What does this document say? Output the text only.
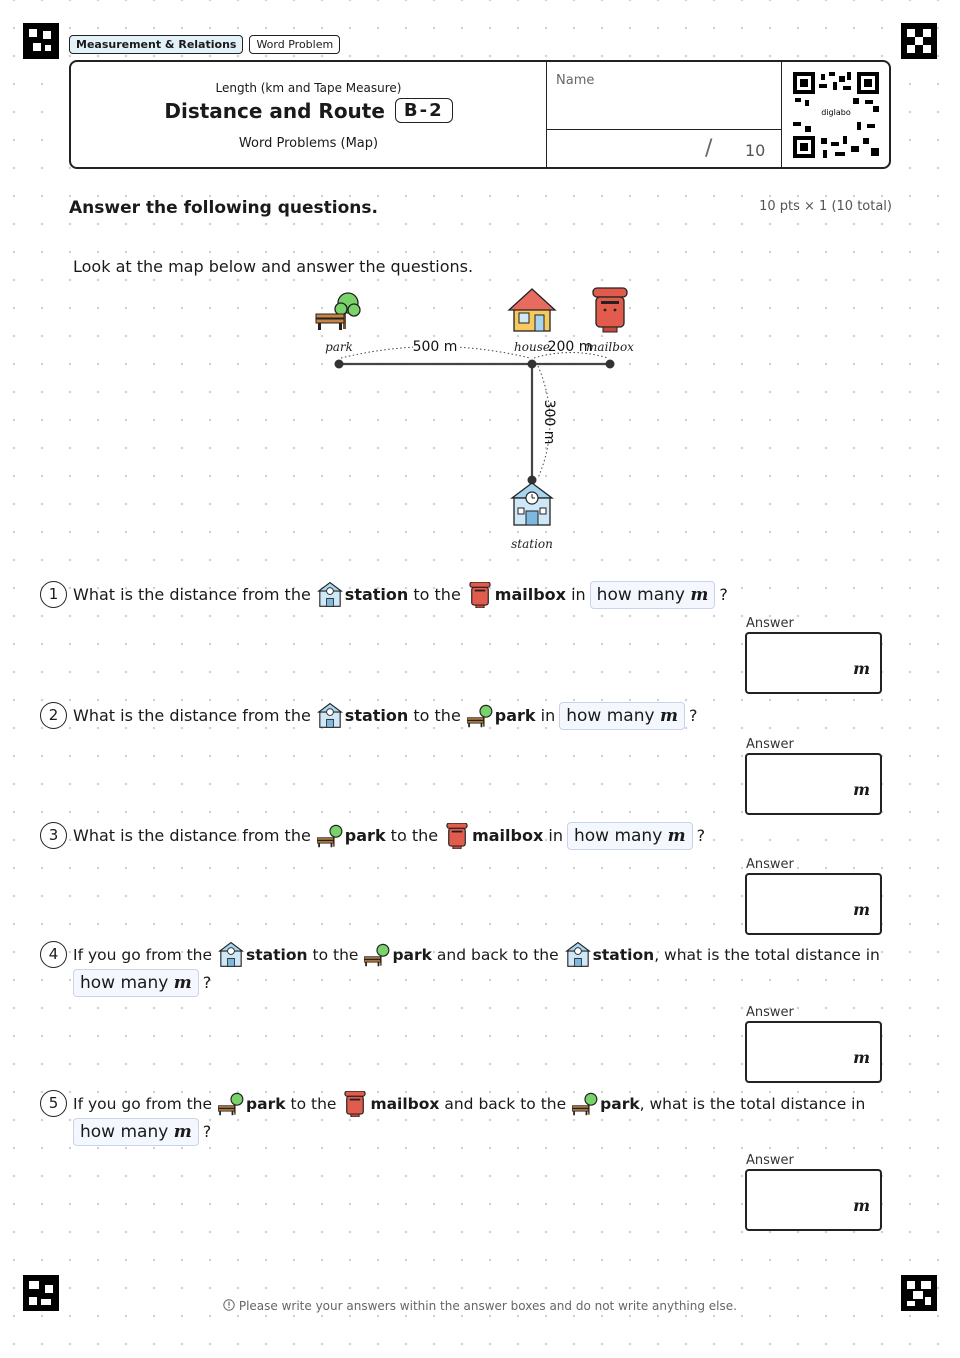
Measurement & Relations	Word Problem
Length (km and Tape Measure)
Distance and Route	B-2
Word Problems (Map)
Name
/ 10
diglabo
Answer the following questions.	10 pts × 1 (10 total)
Look at the map below and answer the questions.
500 m	200 m
300 m
park	house	mailbox
station
1 What is the distance from the station
to the mailbox
in how many m ?
Answer
m
2 What is the distance from the station
to the park
in how many m ?
Answer
m
3 What is the distance from the park
to the mailbox
in how many m ?
Answer
m
4 If you go from the station
to the park
and back to the station , what is the total distance in
how many m ?
Answer
m
5 If you go from the park
to the mailbox
and back to the park , what is the total distance in
how many m ?
Answer
m
Please write your answers within the answer boxes and do not write anything else.
